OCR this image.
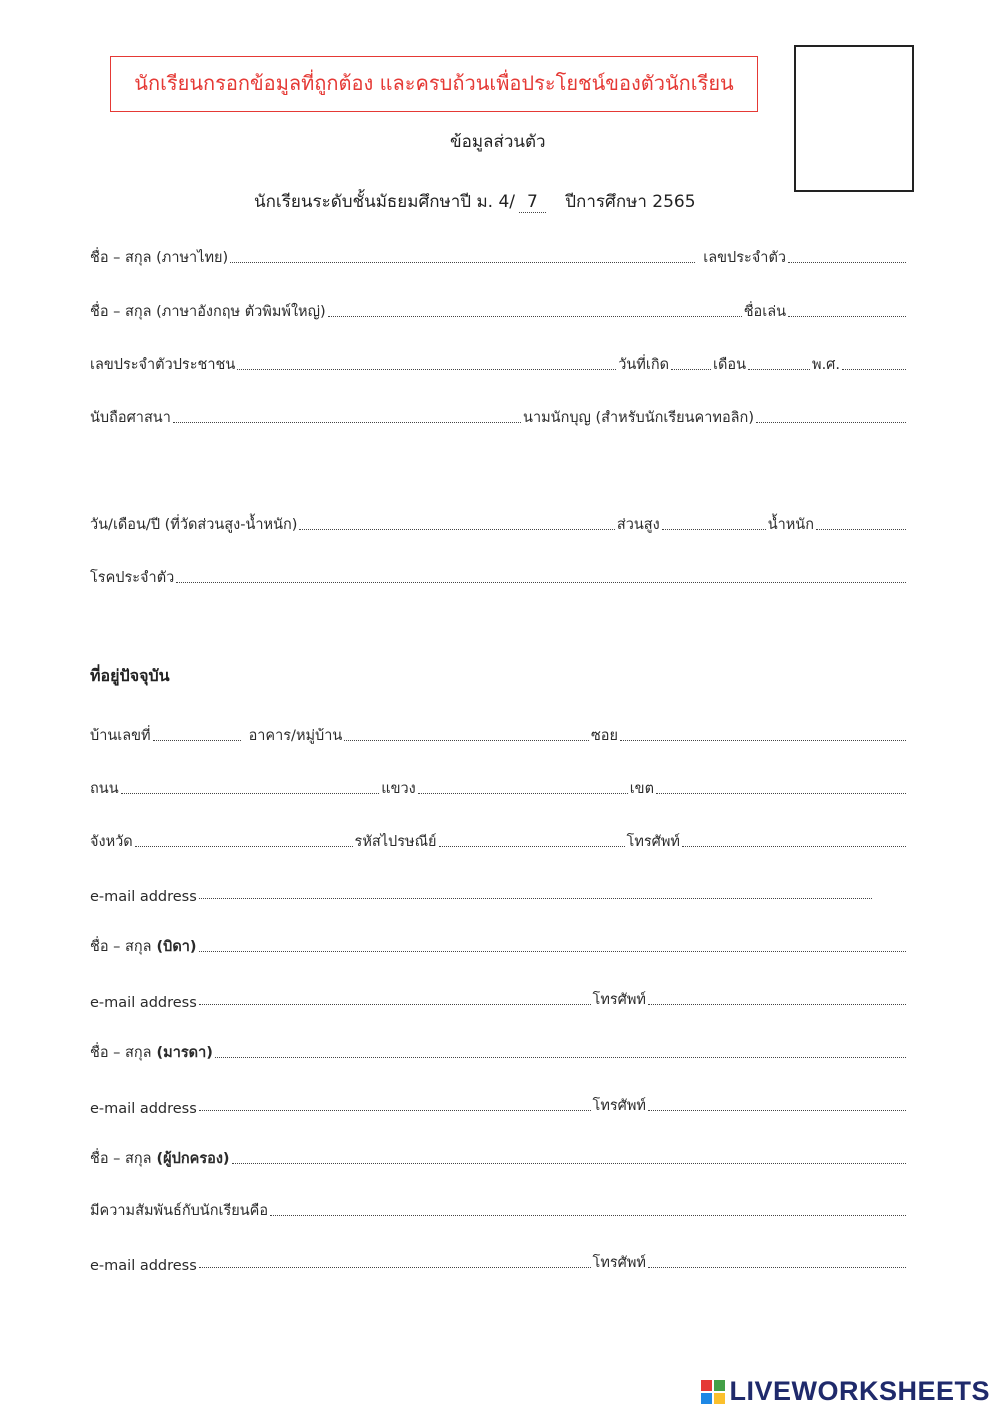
นักเรียนกรอกข้อมูลที่ถูกต้อง และครบถ้วนเพื่อประโยชน์ของตัวนักเรียน
ข้อมูลส่วนตัว
นักเรียนระดับชั้นมัธยมศึกษาปี ม. 4/ 7 ปีการศึกษา 2565
ชื่อ – สกุล (ภาษาไทย)	เลขประจำตัว
ชื่อ – สกุล (ภาษาอังกฤษ ตัวพิมพ์ใหญ่)	ชื่อเล่น
เลขประจำตัวประชาชน	วันที่เกิด	เดือน	พ.ศ.
นับถือศาสนา	นามนักบุญ (สำหรับนักเรียนคาทอลิก)
วัน/เดือน/ปี (ที่วัดส่วนสูง-น้ำหนัก)	ส่วนสูง	น้ำหนัก
โรคประจำตัว
ที่อยู่ปัจจุบัน
บ้านเลขที่	อาคาร/หมู่บ้าน	ซอย
ถนน	แขวง	เขต
จังหวัด	รหัสไปรษณีย์	โทรศัพท์
e-mail address
ชื่อ – สกุล (บิดา)
e-mail address	โทรศัพท์
ชื่อ – สกุล (มารดา)
e-mail address	โทรศัพท์
ชื่อ – สกุล (ผู้ปกครอง)
มีความสัมพันธ์กับนักเรียนคือ
e-mail address	โทรศัพท์
LIVEWORKSHEETS
